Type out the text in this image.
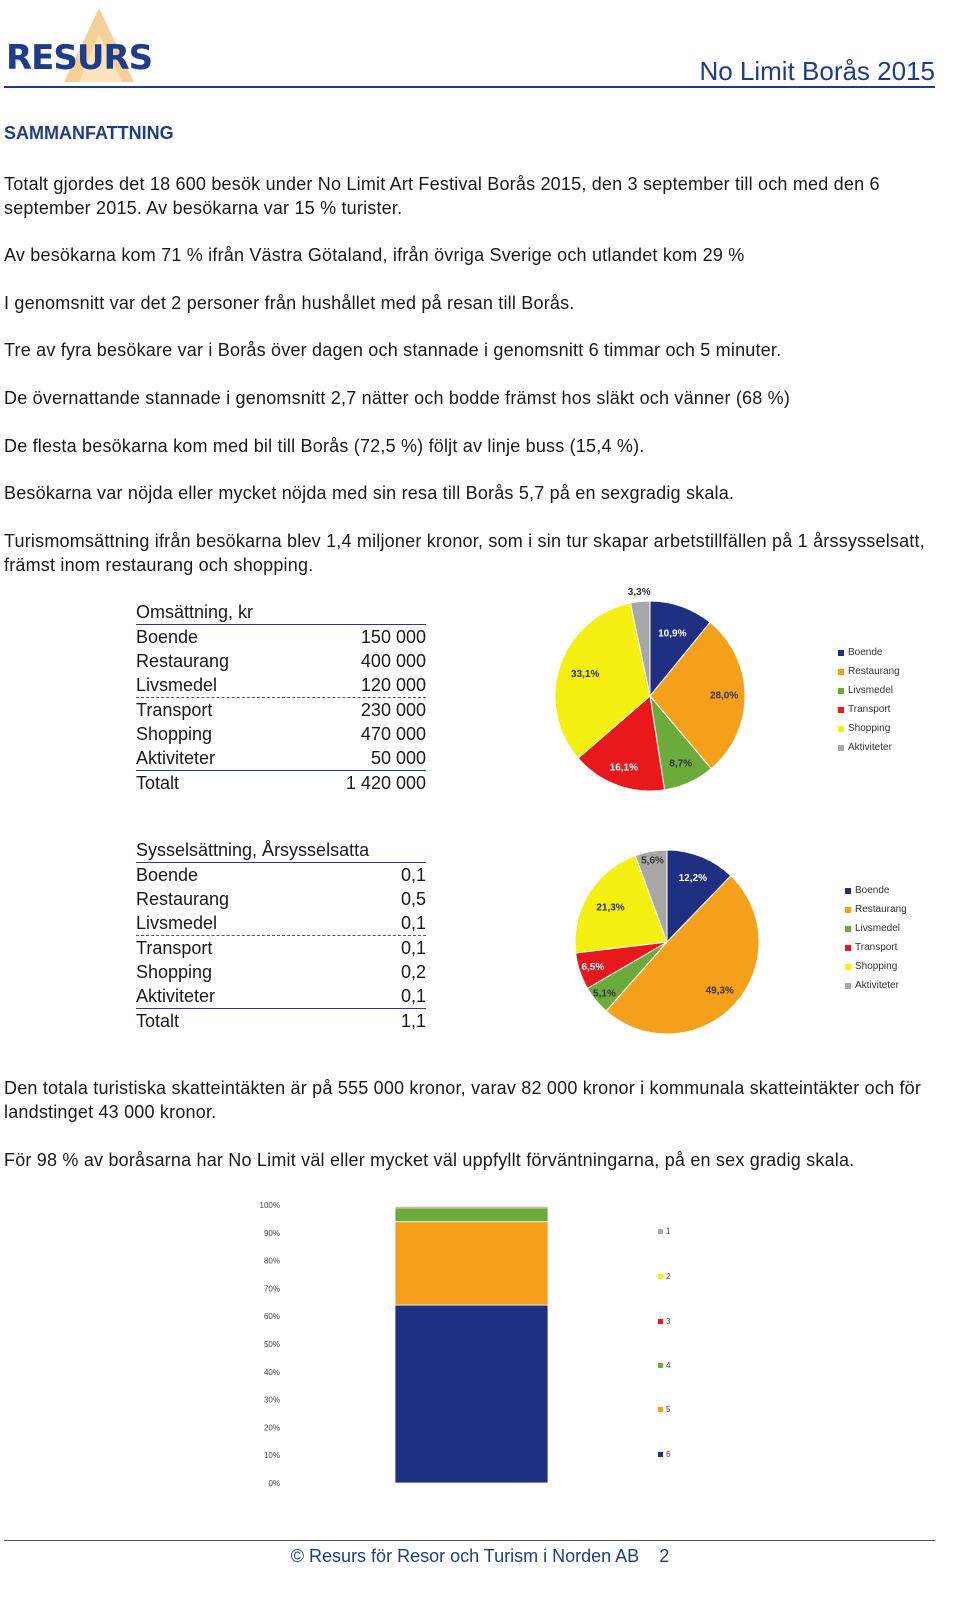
RESURS	No Limit Borås 2015
SAMMANFATTNING
Totalt gjordes det 18 600 besök under No Limit Art Festival Borås 2015, den 3 september till och med den 6 september 2015. Av besökarna var 15 % turister.
Av besökarna kom 71 % ifrån Västra Götaland, ifrån övriga Sverige och utlandet kom 29 %
I genomsnitt var det 2 personer från hushållet med på resan till Borås.
Tre av fyra besökare var i Borås över dagen och stannade i genomsnitt 6 timmar och 5 minuter.
De övernattande stannade i genomsnitt 2,7 nätter och bodde främst hos släkt och vänner (68 %)
De flesta besökarna kom med bil till Borås (72,5 %) följt av linje buss (15,4 %).
Besökarna var nöjda eller mycket nöjda med sin resa till Borås 5,7 på en sexgradig skala.
Turismomsättning ifrån besökarna blev 1,4 miljoner kronor, som i sin tur skapar arbetstillfällen på 1 årssysselsatt, främst inom restaurang och shopping.
Omsättning, kr
Boende	150 000
Restaurang	400 000
Livsmedel	120 000
Transport	230 000
Shopping	470 000
Aktiviteter	50 000
Totalt	1 420 000
10,9%
28,0%
8,7%
16,1%
33,1%
3,3%
Boende
Restaurang
Livsmedel
Transport
Shopping
Aktiviteter
Sysselsättning, Årsysselsatta
Boende	0,1
Restaurang	0,5
Livsmedel	0,1
Transport	0,1
Shopping	0,2
Aktiviteter	0,1
Totalt	1,1
12,2%
49,3%
5,1%
6,5%
21,3%
5,6%
Boende
Restaurang
Livsmedel
Transport
Shopping
Aktiviteter
Den totala turistiska skatteintäkten är på 555 000 kronor, varav 82 000 kronor i kommunala skatteintäkter och för landstinget 43 000 kronor.
För 98 % av boråsarna har No Limit väl eller mycket väl uppfyllt förväntningarna, på en sex gradig skala.
0%
10%
20%
30%
40%
50%
60%
70%
80%
90%
100%
1
2
3
4
5
6
© Resurs för Resor och Turism i Norden AB 2
